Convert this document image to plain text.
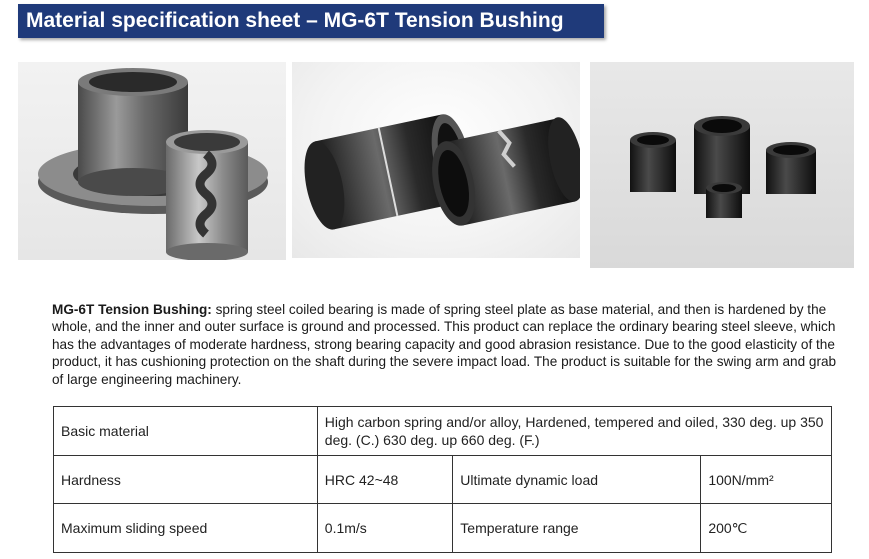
Material specification sheet – MG-6T Tension Bushing
MG-6T Tension Bushing: spring steel coiled bearing is made of spring steel plate as base material, and then is hardened by the whole, and the inner and outer surface is ground and processed. This product can replace the ordinary bearing steel sleeve, which has the advantages of moderate hardness, strong bearing capacity and good abrasion resistance. Due to the good elasticity of the product, it has cushioning protection on the shaft during the severe impact load. The product is suitable for the swing arm and grab of large engineering machinery.
Basic material	High carbon spring and/or alloy, Hardened, tempered and oiled, 330 deg. up 350 deg. (C.) 630 deg. up 660 deg. (F.)		

Hardness	HRC 42~48	Ultimate dynamic load	100N/mm²
Maximum sliding speed	0.1m/s	Temperature range	200℃
